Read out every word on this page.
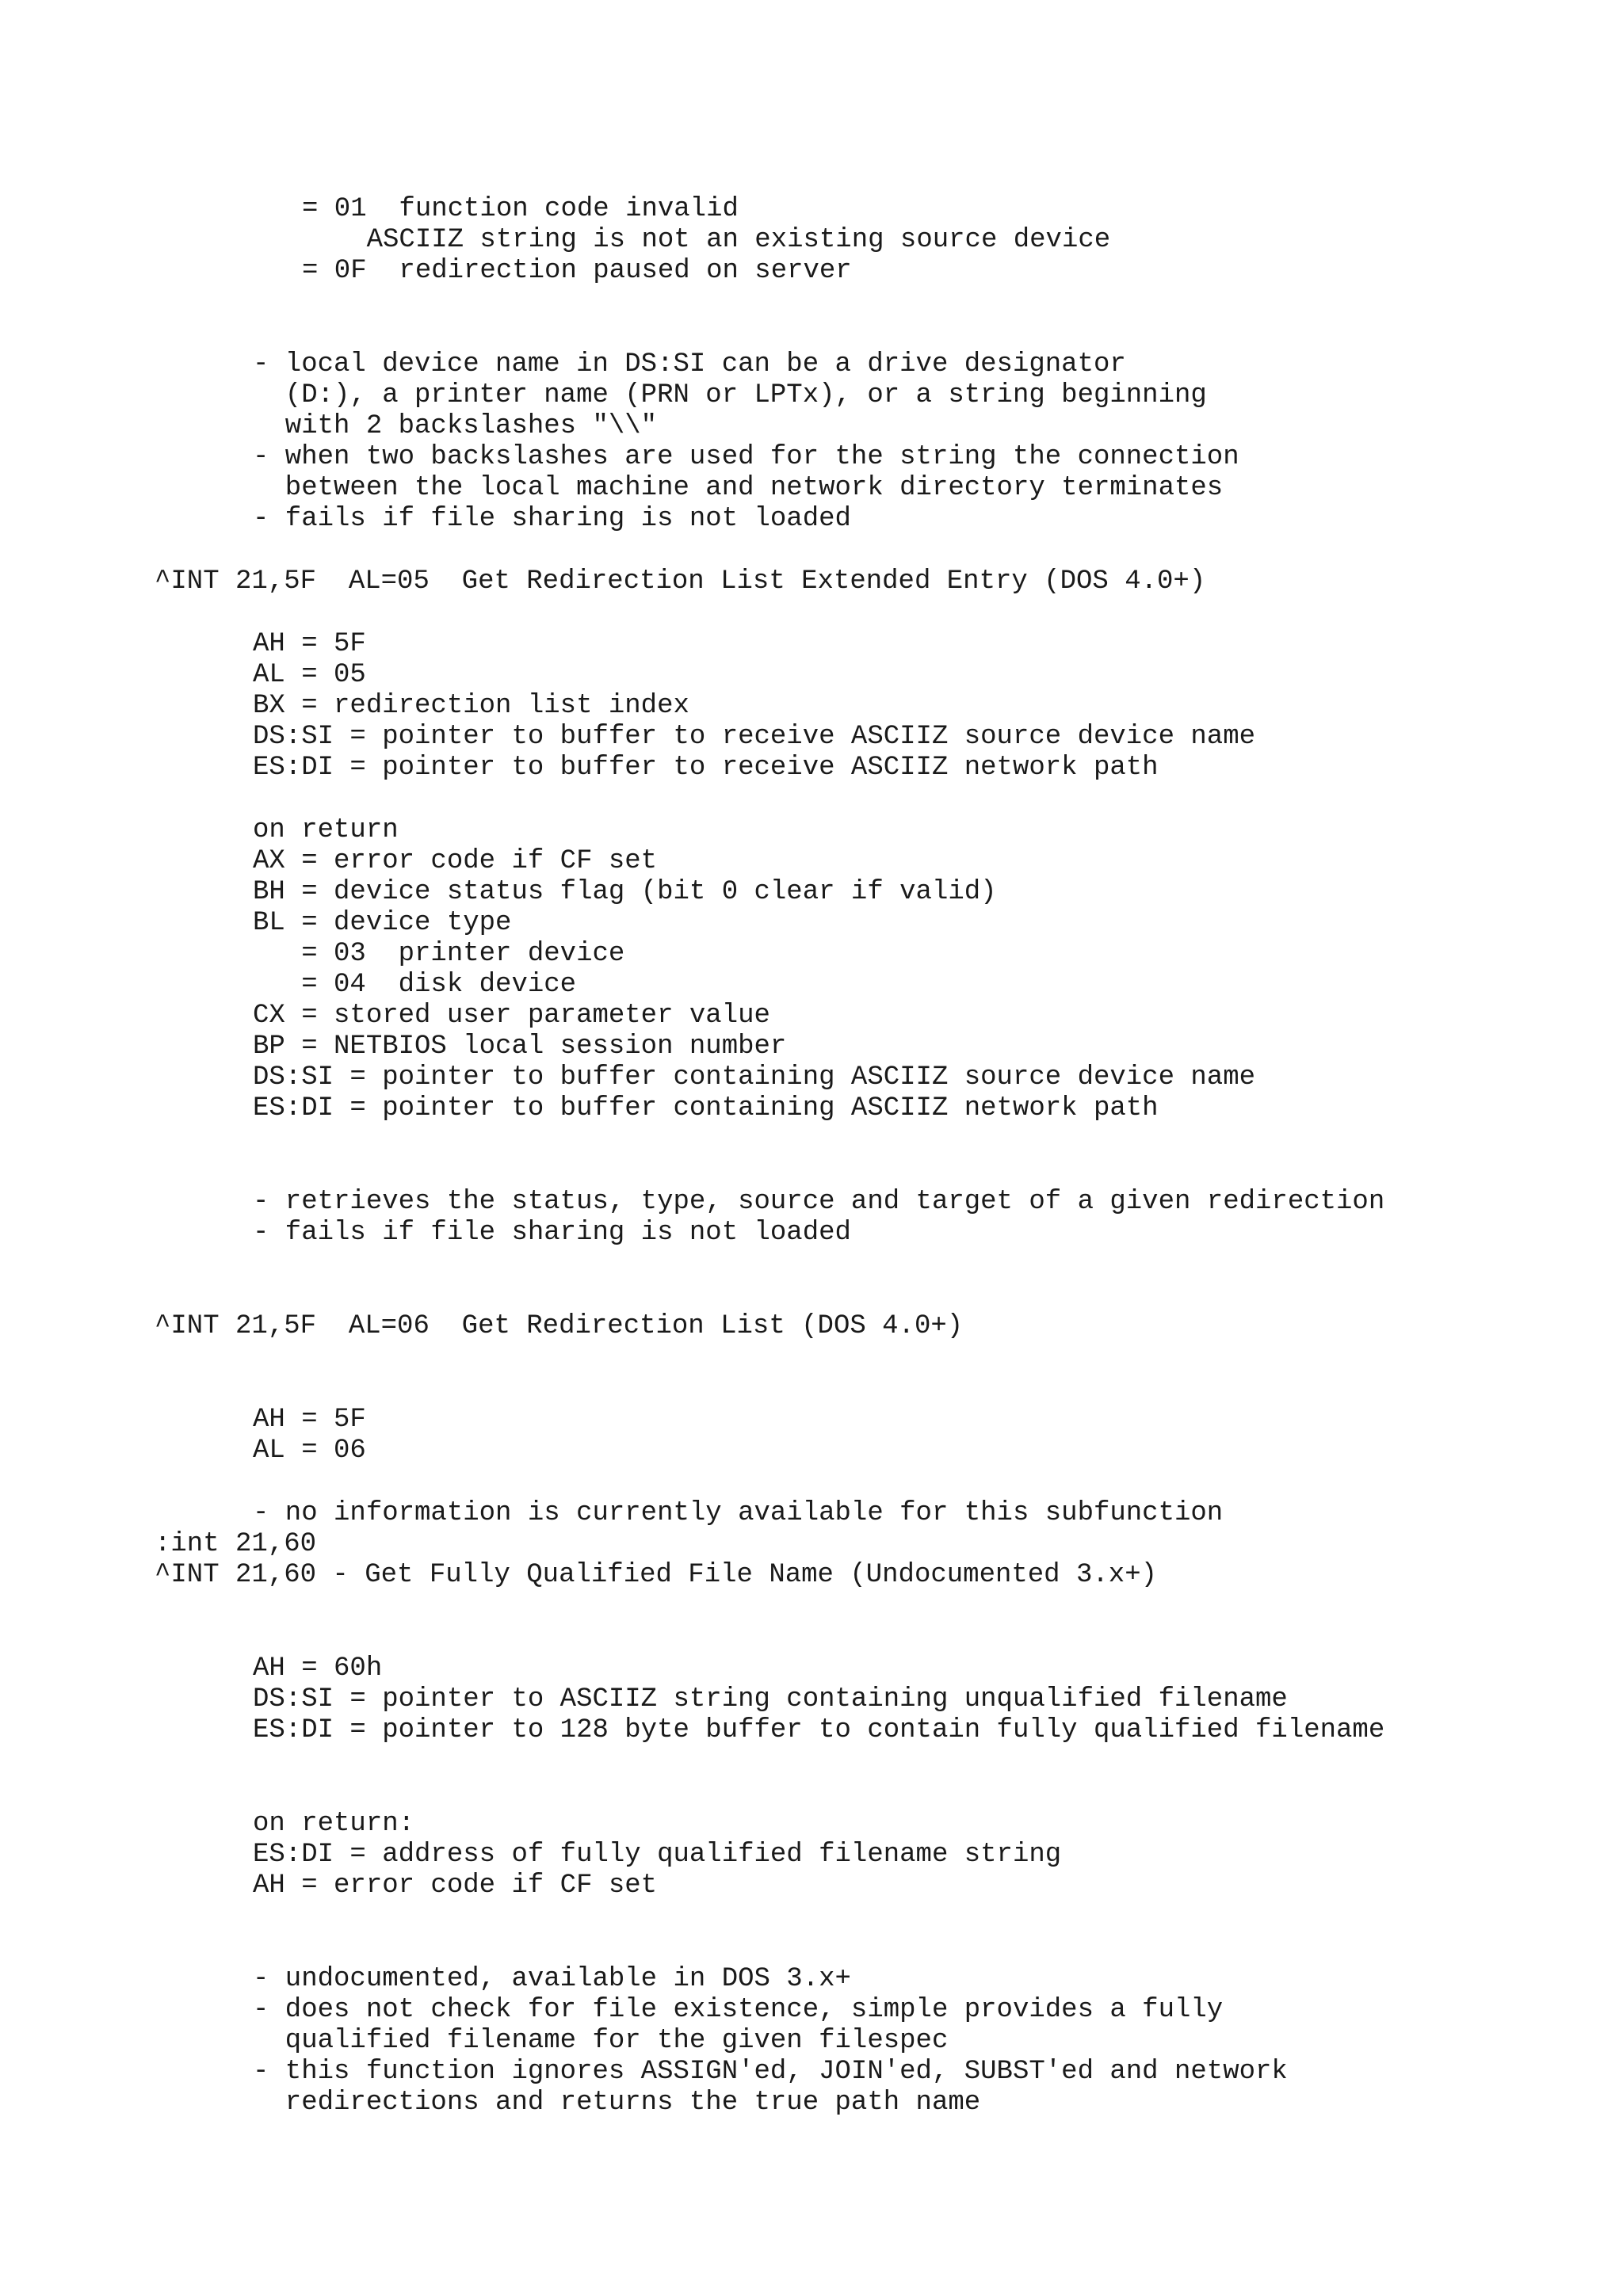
= 01  function code invalid
ASCIIZ string is not an existing source device
= 0F  redirection paused on server
- local device name in DS:SI can be a drive designator
(D:), a printer name (PRN or LPTx), or a string beginning
with 2 backslashes "\\"
- when two backslashes are used for the string the connection
between the local machine and network directory terminates
- fails if file sharing is not loaded
^INT 21,5F  AL=05  Get Redirection List Extended Entry (DOS 4.0+)
AH = 5F
AL = 05
BX = redirection list index
DS:SI = pointer to buffer to receive ASCIIZ source device name
ES:DI = pointer to buffer to receive ASCIIZ network path
on return
AX = error code if CF set
BH = device status flag (bit 0 clear if valid)
BL = device type
= 03  printer device
= 04  disk device
CX = stored user parameter value
BP = NETBIOS local session number
DS:SI = pointer to buffer containing ASCIIZ source device name
ES:DI = pointer to buffer containing ASCIIZ network path
- retrieves the status, type, source and target of a given redirection
- fails if file sharing is not loaded
^INT 21,5F  AL=06  Get Redirection List (DOS 4.0+)
AH = 5F
AL = 06
- no information is currently available for this subfunction
:int 21,60
^INT 21,60 - Get Fully Qualified File Name (Undocumented 3.x+)
AH = 60h
DS:SI = pointer to ASCIIZ string containing unqualified filename
ES:DI = pointer to 128 byte buffer to contain fully qualified filename
on return:
ES:DI = address of fully qualified filename string
AH = error code if CF set
- undocumented, available in DOS 3.x+
- does not check for file existence, simple provides a fully
qualified filename for the given filespec
- this function ignores ASSIGN'ed, JOIN'ed, SUBST'ed and network
redirections and returns the true path name
